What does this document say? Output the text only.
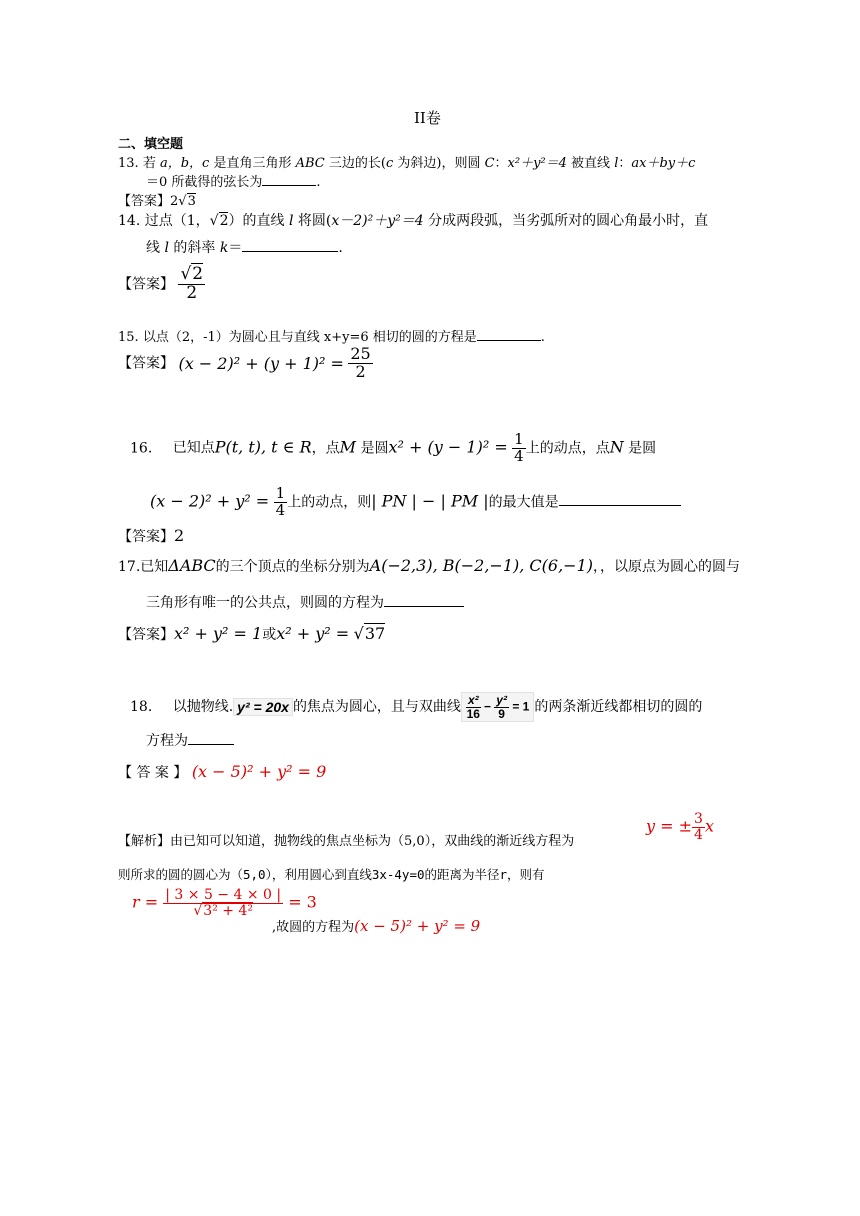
II卷
二、填空题
13. 若 a，b，c 是直角三角形 ABC 三边的长(c 为斜边)，则圆 C：x²＋y²＝4 被直线 l：ax＋by＋c
＝0 所截得的弦长为	.
【答案】2√3
14. 过点（1，√2）的直线 l 将圆(x－2)²＋y²＝4 分成两段弧，当劣弧所对的圆心角最小时，直
线 l 的斜率 k＝	.
【答案】 $\frac{√2}{2}$
15. 以点（2，-1）为圆心且与直线 x+y=6 相切的圆的方程是	.
【答案】 $(x - 2)^2 + (y + 1)^2 = \frac{25}{2}$
16. 已知点P(t, t), t ∈ R，点M 是圆$x^2 + (y - 1)^2 = \frac{1}{4}$ 上的动点，点N 是圆
$(x - 2)^2 + y^2 = \frac{1}{4}$ 上的动点，则| PN | − | PM |的最大值是
【答案】2
17.已知ΔABC的三个顶点的坐标分别为A(−2,3), B(−2,−1), C(6,−1)，，以原点为圆心的圆与
三角形有唯一的公共点，则圆的方程为
【答案】x² + y² = 1或x² + y² = √37
18. 以抛物线. y² = 20x 的焦点为圆心，且与双曲线 $\frac{\text{x²}}{16} - \frac{\text{y²}}{9} = 1$ 的两条渐近线都相切的圆的
方程为
【 答 案 】 (x − 5)² + y² = 9
【解析】由已知可以知道，抛物线的焦点坐标为（5,0），双曲线的渐近线方程为
y = ± $\frac{3}{4}$ x
则所求的圆的圆心为（5,0），利用圆心到直线3x-4y=0的距离为半径r，则有
$r = \frac{| 3 \times 5 - 4 \times 0 |}{\text{√3² + 4²}} = 3$
,故圆的方程为(x − 5)² + y² = 9
